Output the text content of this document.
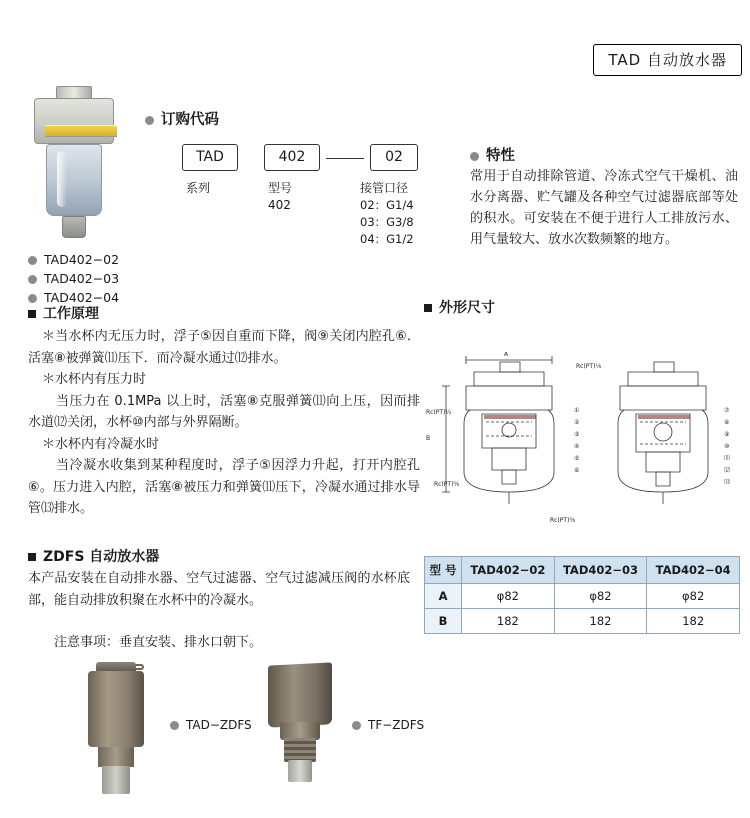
TAD 自动放水器
TAD402−02
TAD402−03
TAD402−04
订购代码
TAD	402	02
系列	型号
402
接管口径
02：G1/4
03：G3/8
04：G1/2
特性
常用于自动排除管道、冷冻式空气干燥机、油水分离器、贮气罐及各种空气过滤器底部等处的积水。可安装在不便于进行人工排放污水、用气量较大、放水次数频繁的地方。
工作原理

＊当水杯内无压力时，浮子⑤因自重而下降，阀⑨关闭内腔孔⑥．活塞⑧被弹簧⑾压下．而冷凝水通过⑿排水。

＊水杯内有压力时

当压力在 0.1MPa 以上时，活塞⑧克服弹簧⑾向上压，因而排水道⑿关闭，水杯⑩内部与外界隔断。

＊水杯内有冷凝水时

当冷凝水收集到某种程度时，浮子⑤因浮力升起，打开内腔孔⑥。压力进入内腔，活塞⑧被压力和弹簧⑾压下，冷凝水通过排水导管⒀排水。

外形尺寸
B
A
Rc(PT)⅛
Rc(PT)¼
Rc(PT)⅜
Rc(PT)⅜
①
②
③
④
⑤
⑥
⑦
⑧
⑨
⑩
⑾
⑿
⒀
型 号	TAD402−02	TAD402−03	TAD402−04
A	φ82	φ82	φ82
B	182	182	182
ZDFS 自动放水器
本产品安装在自动排水器、空气过滤器、空气过滤减压阀的水杯底部，能自动排放积聚在水杯中的冷凝水。
注意事项：垂直安装、排水口朝下。
TAD−ZDFS	TF−ZDFS
